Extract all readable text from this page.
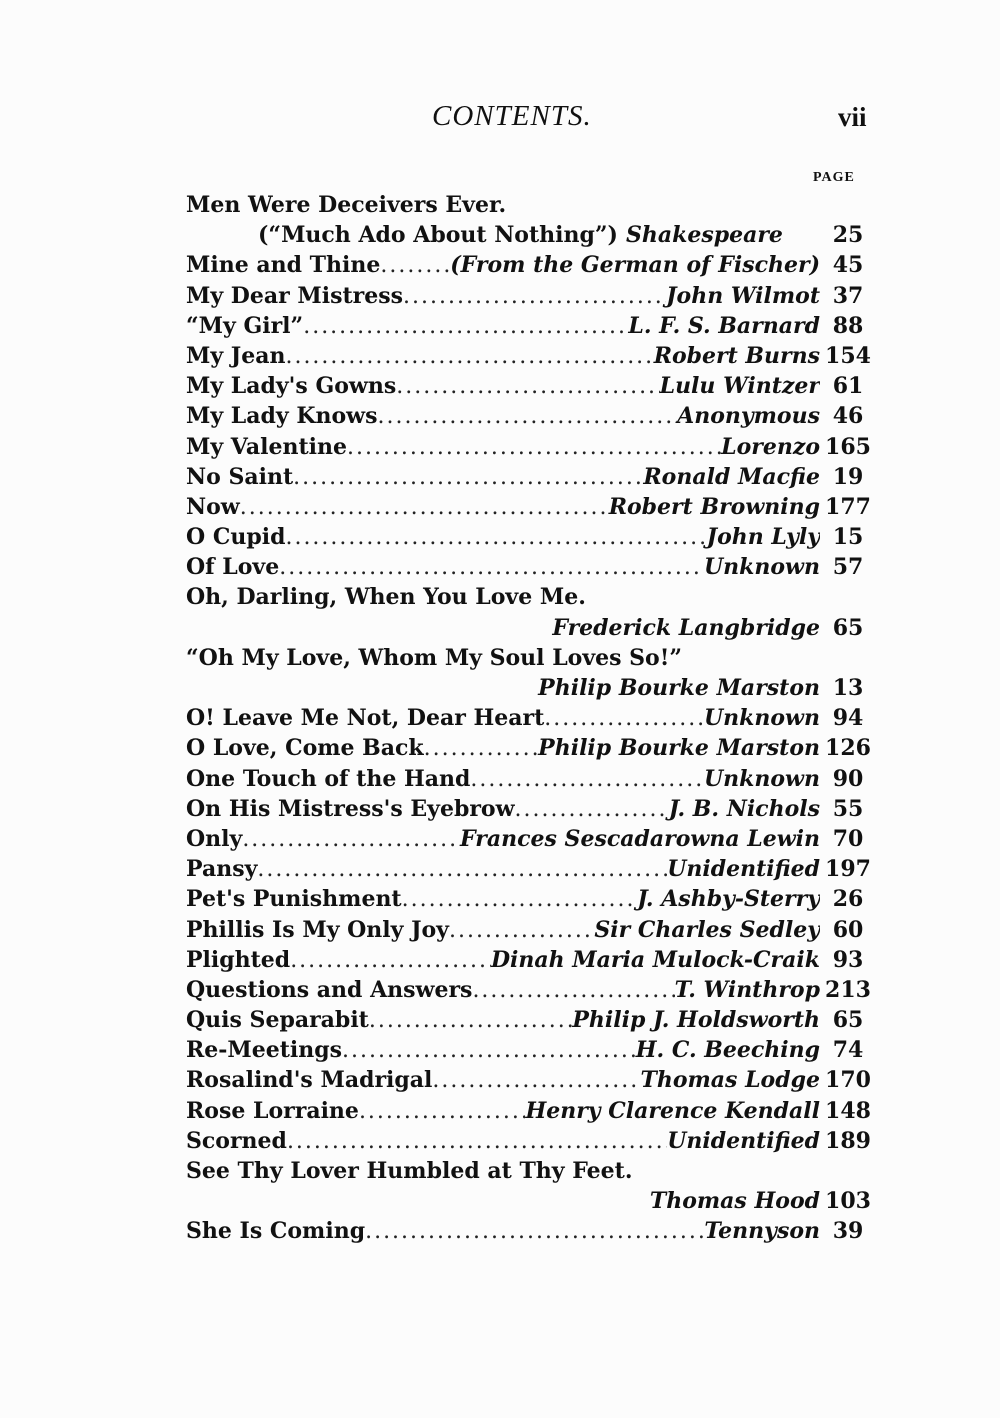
CONTENTS.	vii
PAGE
Men Were Deceivers Ever.
(“Much Ado About Nothing”) Shakespeare	25
Mine and Thine .....	(From the German of Fischer) 45
My Dear Mistress .....	John Wilmot 37
“My Girl” .....	L. F. S. Barnard 88
My Jean .....	Robert Burns 154
My Lady's Gowns .....	Lulu Wintzer 61
My Lady Knows .....	Anonymous 46
My Valentine .....	Lorenzo 165
No Saint .....	Ronald Macfie 19
Now .....	Robert Browning 177
O Cupid .....	John Lyly 15
Of Love .....	Unknown 57
Oh, Darling, When You Love Me.
Frederick Langbridge 65
“Oh My Love, Whom My Soul Loves So!”
Philip Bourke Marston 13
O! Leave Me Not, Dear Heart .....	Unknown 94
O Love, Come Back .....	Philip Bourke Marston 126
One Touch of the Hand .....	Unknown 90
On His Mistress's Eyebrow .....	J. B. Nichols 55
Only .....	Frances Sescadarowna Lewin 70
Pansy .....	Unidentified 197
Pet's Punishment .....	J. Ashby-Sterry 26
Phillis Is My Only Joy .....	Sir Charles Sedley 60
Plighted .....	Dinah Maria Mulock-Craik 93
Questions and Answers .....	T. Winthrop 213
Quis Separabit .....	Philip J. Holdsworth 65
Re-Meetings .....	H. C. Beeching 74
Rosalind's Madrigal .....	Thomas Lodge 170
Rose Lorraine .....	Henry Clarence Kendall 148
Scorned .....	Unidentified 189
See Thy Lover Humbled at Thy Feet.
Thomas Hood 103
She Is Coming .....	Tennyson 39
